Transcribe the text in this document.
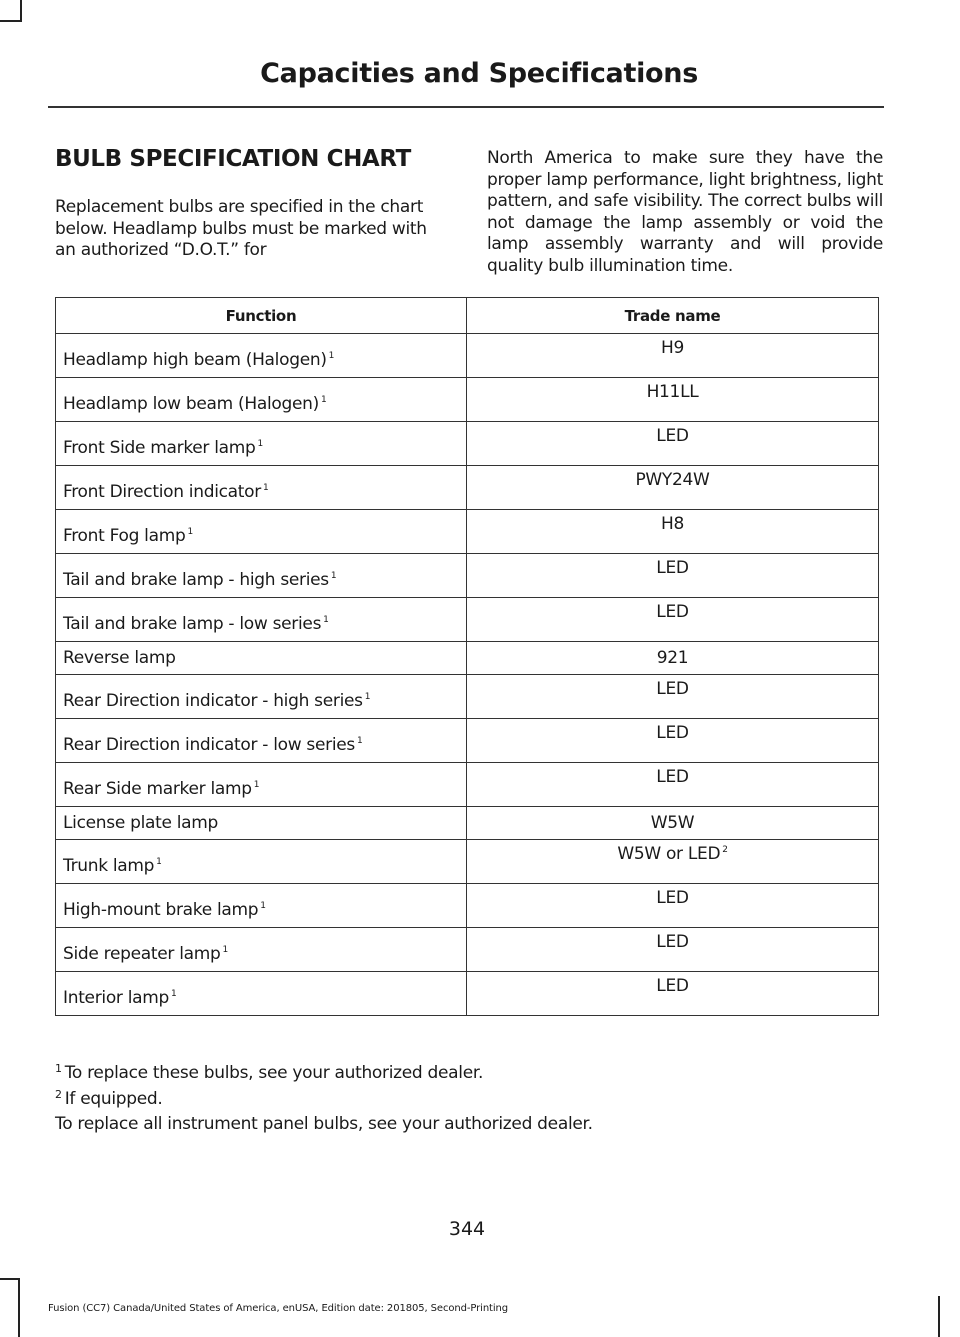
Capacities and Specifications
BULB SPECIFICATION CHART
Replacement bulbs are specified in the chart below. Headlamp bulbs must be marked with an authorized “D.O.T.” for
North America to make sure they have the proper lamp performance, light brightness, light pattern, and safe visibility. The correct bulbs will not damage the lamp assembly or void the lamp assembly warranty and will provide quality bulb illumination time.
Function	Trade name
Headlamp high beam (Halogen) $^1$	H9
Headlamp low beam (Halogen) $^1$	H11LL
Front Side marker lamp $^1$	LED
Front Direction indicator $^1$	PWY24W
Front Fog lamp $^1$	H8
Tail and brake lamp - high series $^1$	LED
Tail and brake lamp - low series $^1$	LED
Reverse lamp	921
Rear Direction indicator - high series $^1$	LED
Rear Direction indicator - low series $^1$	LED
Rear Side marker lamp $^1$	LED
License plate lamp	W5W
Trunk lamp $^1$	W5W or LED $^2$
High-mount brake lamp $^1$	LED
Side repeater lamp $^1$	LED
Interior lamp $^1$	LED
$^1$ To replace these bulbs, see your authorized dealer.
$^2$ If equipped.
To replace all instrument panel bulbs, see your authorized dealer.
344
Fusion (CC7) Canada/United States of America, enUSA, Edition date: 201805, Second-Printing
